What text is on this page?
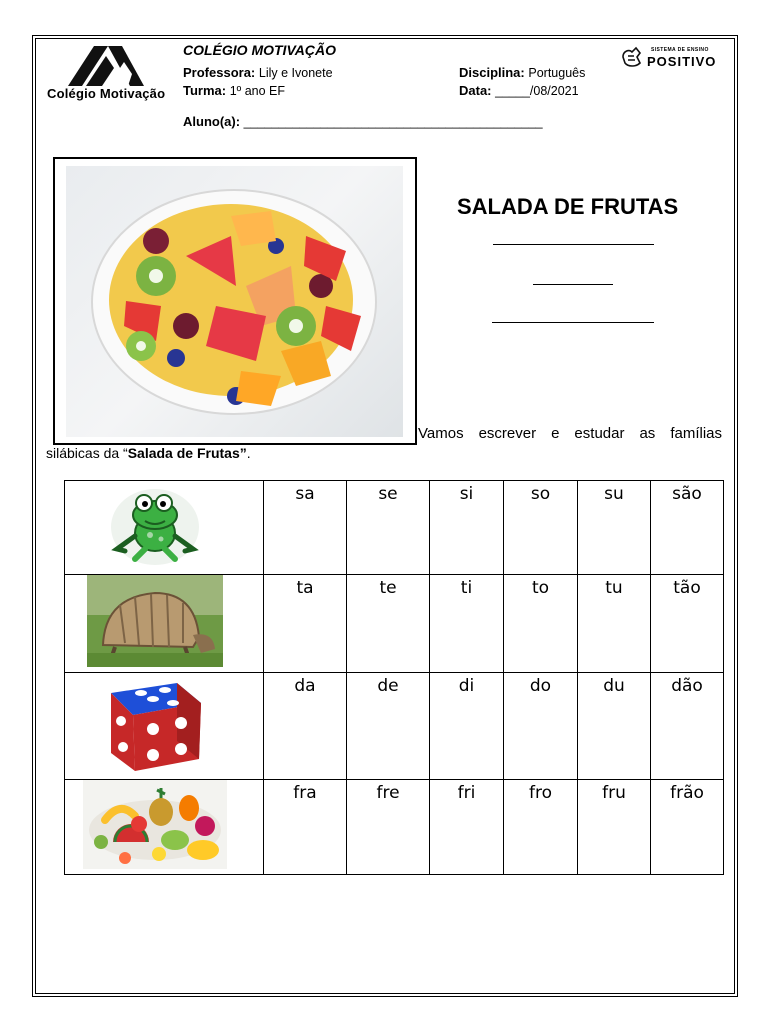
Colégio Motivação
COLÉGIO MOTIVAÇÃO
Professora: Lily e Ivonete
Turma: 1º ano EF
Disciplina: Português
Data: _____/08/2021
Aluno(a): ___________________________________________
SISTEMA DE ENSINO
POSITIVO
SALADA DE FRUTAS
Vamos escrever e estudar as famílias
silábicas da “Salada de Frutas”.
	sa	se	si	so	su	são
	ta	te	ti	to	tu	tão
	da	de	di	do	du	dão
	fra	fre	fri	fro	fru	frão
